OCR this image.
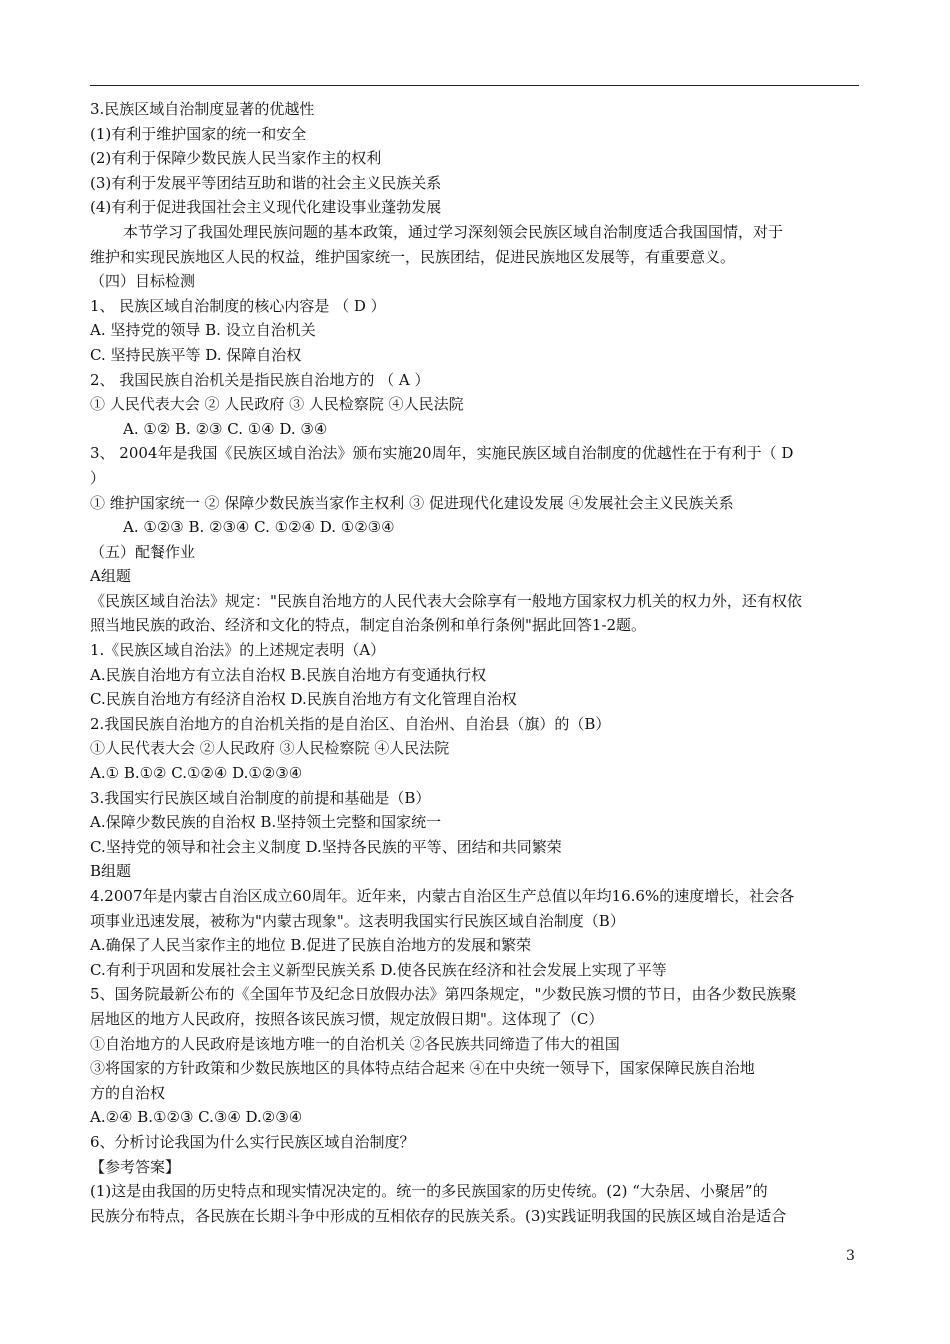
3.民族区域自治制度显著的优越性
(1)有利于维护国家的统一和安全
(2)有利于保障少数民族人民当家作主的权利
(3)有利于发展平等团结互助和谐的社会主义民族关系
(4)有利于促进我国社会主义现代化建设事业蓬勃发展
本节学习了我国处理民族问题的基本政策，通过学习深刻领会民族区域自治制度适合我国国情，对于
维护和实现民族地区人民的权益，维护国家统一，民族团结，促进民族地区发展等，有重要意义。
（四）目标检测
1、 民族区域自治制度的核心内容是 （ D ）
A. 坚持党的领导 B. 设立自治机关
C. 坚持民族平等 D. 保障自治权
2、 我国民族自治机关是指民族自治地方的 （ A ）
① 人民代表大会 ② 人民政府 ③ 人民检察院 ④人民法院
A. ①② B. ②③ C. ①④ D. ③④
3、 2004年是我国《民族区域自治法》颁布实施20周年，实施民族区域自治制度的优越性在于有利于（ D
）
① 维护国家统一 ② 保障少数民族当家作主权利 ③ 促进现代化建设发展 ④发展社会主义民族关系
A. ①②③ B. ②③④ C. ①②④ D. ①②③④
（五）配餐作业
A组题
《民族区域自治法》规定："民族自治地方的人民代表大会除享有一般地方国家权力机关的权力外，还有权依
照当地民族的政治、经济和文化的特点，制定自治条例和单行条例"据此回答1-2题。
1.《民族区域自治法》的上述规定表明（A）
A.民族自治地方有立法自治权 B.民族自治地方有变通执行权
C.民族自治地方有经济自治权 D.民族自治地方有文化管理自治权
2.我国民族自治地方的自治机关指的是自治区、自治州、自治县（旗）的（B）
①人民代表大会 ②人民政府 ③人民检察院 ④人民法院
A.① B.①② C.①②④ D.①②③④
3.我国实行民族区域自治制度的前提和基础是（B）
A.保障少数民族的自治权 B.坚持领土完整和国家统一
C.坚持党的领导和社会主义制度 D.坚持各民族的平等、团结和共同繁荣
B组题
4.2007年是内蒙古自治区成立60周年。近年来，内蒙古自治区生产总值以年均16.6%的速度增长，社会各
项事业迅速发展，被称为"内蒙古现象"。这表明我国实行民族区域自治制度（B）
A.确保了人民当家作主的地位 B.促进了民族自治地方的发展和繁荣
C.有利于巩固和发展社会主义新型民族关系 D.使各民族在经济和社会发展上实现了平等
5、国务院最新公布的《全国年节及纪念日放假办法》第四条规定，"少数民族习惯的节日，由各少数民族聚
居地区的地方人民政府，按照各该民族习惯，规定放假日期"。这体现了（C）
①自治地方的人民政府是该地方唯一的自治机关 ②各民族共同缔造了伟大的祖国
③将国家的方针政策和少数民族地区的具体特点结合起来 ④在中央统一领导下，国家保障民族自治地
方的自治权
A.②④ B.①②③ C.③④ D.②③④
6、分析讨论我国为什么实行民族区域自治制度？
【参考答案】
(1)这是由我国的历史特点和现实情况决定的。统一的多民族国家的历史传统。(2) “大杂居、小聚居”的
民族分布特点，各民族在长期斗争中形成的互相依存的民族关系。(3)实践证明我国的民族区域自治是适合
3
